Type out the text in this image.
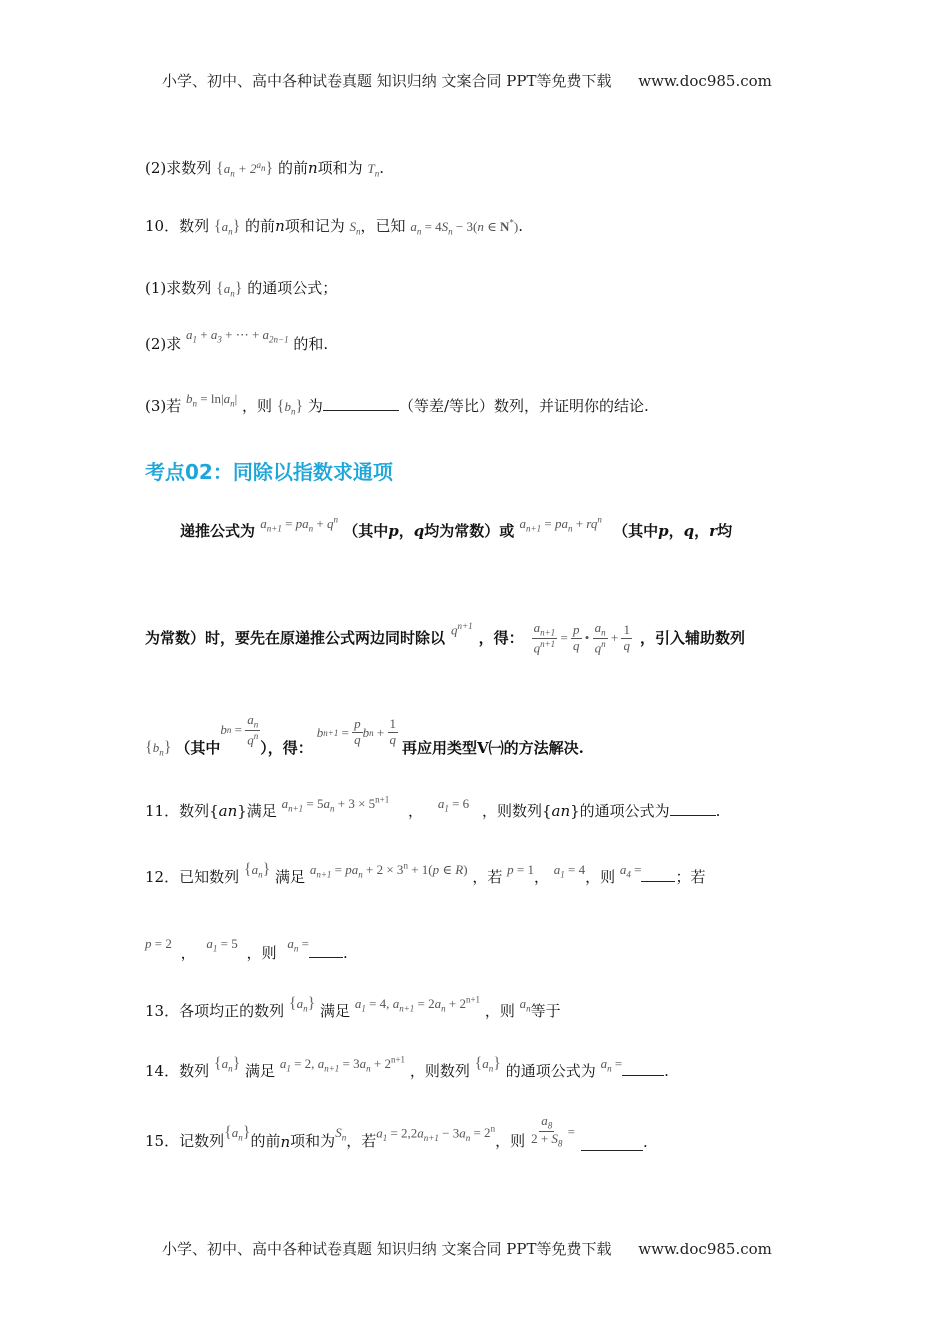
小学、初中、高中各种试卷真题 知识归纳 文案合同 PPT等免费下载 www.doc985.com
(2)求数列 $\{a_n + 2^{a_n}\}$ 的前n项和为 $T_n$.
10．数列 $\{a_n\}$ 的前n项和记为 $S_n$，已知 $a_n = 4S_n - 3(n$ ∈ N*).
(1)求数列 $\{a_n\}$ 的通项公式；
(2)求 $a_1 + a_3$ + ⋯ + $a_{2n-1}$ 的和.
(3)若 $b_n = \ln|a_n|$ ，则 $\{b_n\}$ 为	（等差/等比）数列，并证明你的结论.
考点02：同除以指数求通项
递推公式为 $a_{n+1} = pa_n + q^n$ （其中p，q均为常数）或 $a_{n+1} = pa_n + rq^n$ （其中p，q，r均
为常数）时，要先在原递推公式两边同时除以 $q^{n+1}$
，得： $\frac{a_{n+1}}{q^{n+1}} = \frac{p}{q}$ • $\frac{a_n}{q^n} + \frac{1}{q}$ ，引入辅助数列
$\{b_n\}$ （其中
b $n = \frac{a_n}{q^n}$ ），得：
b $n+1 = \frac{p}{q}$ b $n + \frac{1}{q}$ 再应用类型Ⅴ㈠的方法解决.
11．数列{an}满足 $a_{n+1} = 5a_n + 3 \times 5^{n+1}$ ， $a_1 = 6$ ，则数列{an}的通项公式为	.
12．已知数列 $\{a_n\}$ 满足 $a_{n+1} = pa_n + 2 \times 3^n + 1(p$ ∈ R) ，若 p = 1， $a_1 = 4$，则 $a_4$ = ；若
p = 2 ， $a_1 = 5$ ，则 $a_n$ =.
13．各项均正的数列 $\{a_n\}$ 满足 $a_1 = 4$, $a_{n+1} = 2a_n + 2^{n+1}$ ，则 $a_n$等于
14．数列 $\{a_n\}$ 满足 $a_1 = 2$, $a_{n+1} = 3a_n + 2^{n+1}$ ，则数列 $\{a_n\}$ 的通项公式为 $a_n$ =	.
15． 记数列 $\{a_n\}$ 的前 n 项和为 $S_n$ ，若 $a_1 = 2,2a_{n+1} - 3a_n = 2^n$
，则 $\frac{a_8}{2 + S_8}$ =
.
小学、初中、高中各种试卷真题 知识归纳 文案合同 PPT等免费下载 www.doc985.com
